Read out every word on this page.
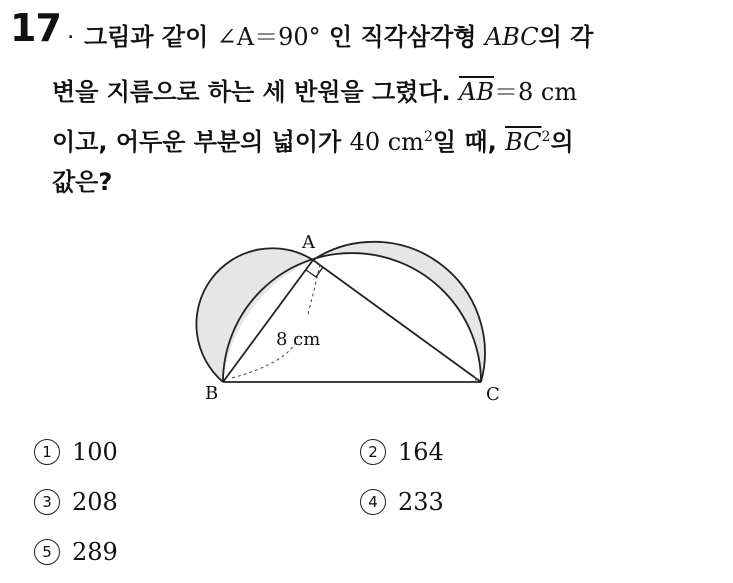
17 . 그림과 같이 ∠A＝90° 인 직각삼각형 ABC의 각
변을 지름으로 하는 세 반원을 그렸다. $\overline{AB}=8$ cm
이고, 어두운 부분의 넓이가 40 $cm^2$일 때, $\overline{BC}^2$의
값은?
A
B	C
8 cm
1 100	2 164
3 208	4 233
5 289
